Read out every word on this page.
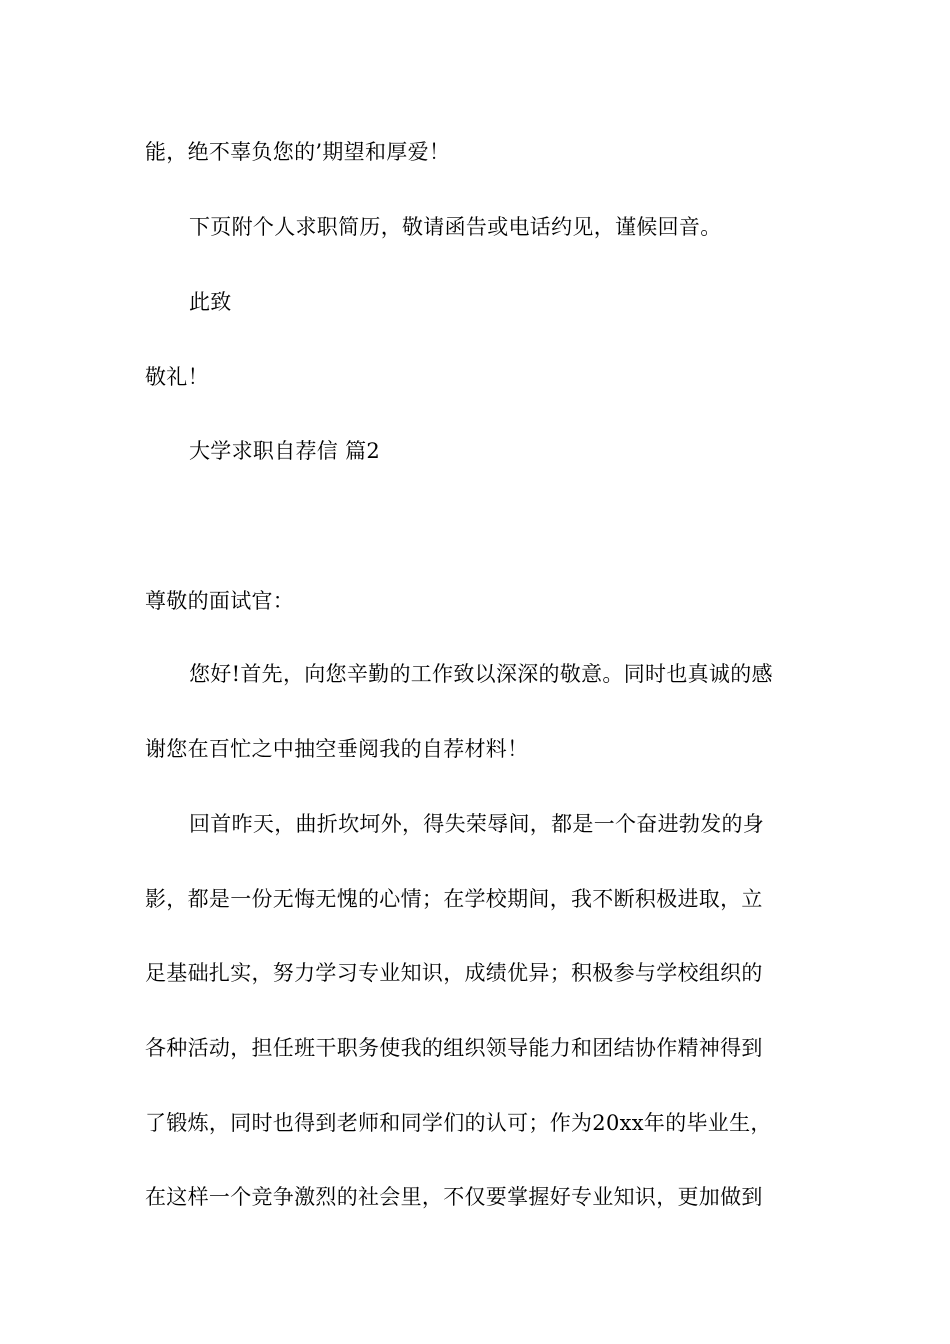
能，绝不辜负您的’期望和厚爱！
下页附个人求职简历，敬请函告或电话约见，谨候回音。
此致
敬礼！
大学求职自荐信 篇2
尊敬的面试官：
您好!首先，向您辛勤的工作致以深深的敬意。同时也真诚的感
谢您在百忙之中抽空垂阅我的自荐材料！
回首昨天，曲折坎坷外，得失荣辱间，都是一个奋进勃发的身
影，都是一份无悔无愧的心情；在学校期间，我不断积极进取，立
足基础扎实，努力学习专业知识，成绩优异；积极参与学校组织的
各种活动，担任班干职务使我的组织领导能力和团结协作精神得到
了锻炼，同时也得到老师和同学们的认可；作为20xx年的毕业生，
在这样一个竞争激烈的社会里，不仅要掌握好专业知识，更加做到
